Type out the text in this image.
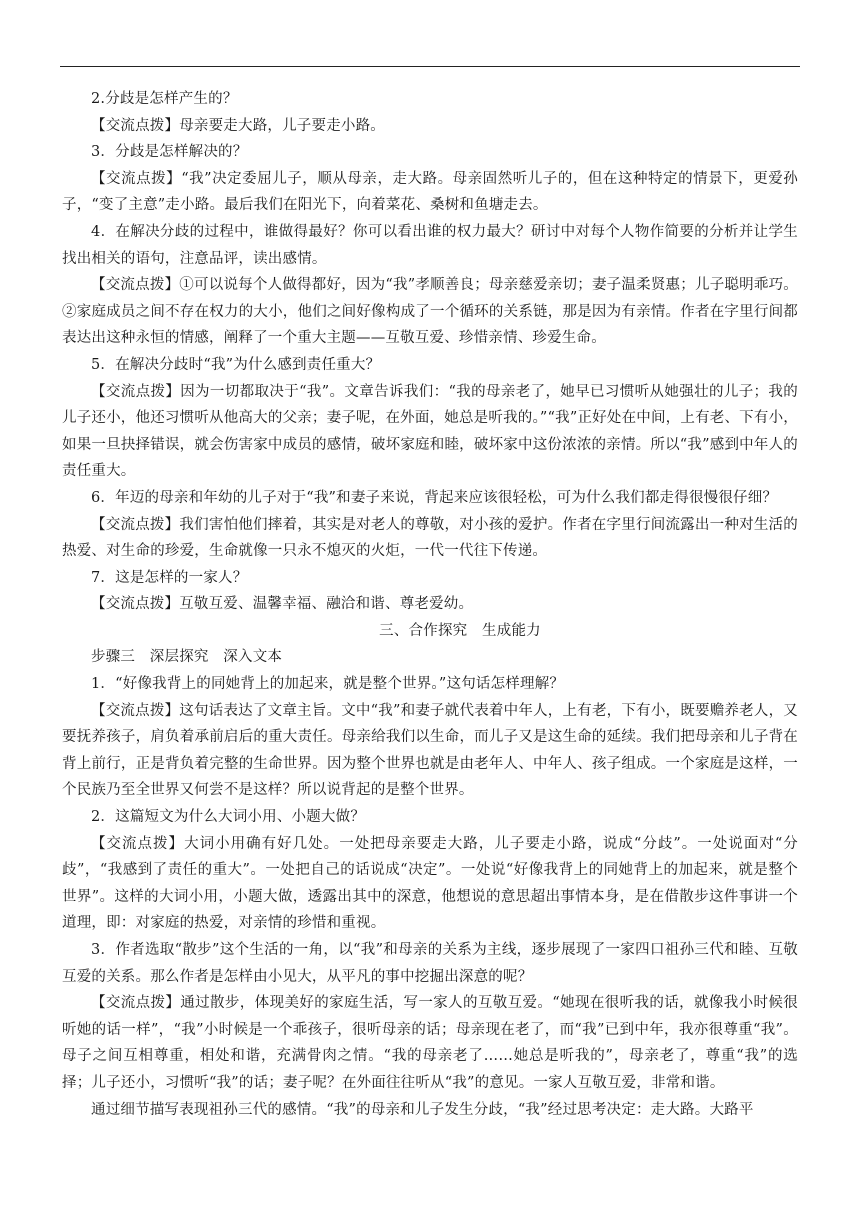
2.分歧是怎样产生的？

【交流点拨】母亲要走大路，儿子要走小路。

3．分歧是怎样解决的？

【交流点拨】“我”决定委屈儿子，顺从母亲，走大路。母亲固然听儿子的，但在这种特定的情景下，更爱孙子，“变了主意”走小路。最后我们在阳光下，向着菜花、桑树和鱼塘走去。

4．在解决分歧的过程中，谁做得最好？你可以看出谁的权力最大？研讨中对每个人物作简要的分析并让学生找出相关的语句，注意品评，读出感情。

【交流点拨】①可以说每个人做得都好，因为“我”孝顺善良；母亲慈爱亲切；妻子温柔贤惠；儿子聪明乖巧。②家庭成员之间不存在权力的大小，他们之间好像构成了一个循环的关系链，那是因为有亲情。作者在字里行间都表达出这种永恒的情感，阐释了一个重大主题——互敬互爱、珍惜亲情、珍爱生命。

5．在解决分歧时“我”为什么感到责任重大？

【交流点拨】因为一切都取决于“我”。文章告诉我们：“我的母亲老了，她早已习惯听从她强壮的儿子；我的儿子还小，他还习惯听从他高大的父亲；妻子呢，在外面，她总是听我的。”“我”正好处在中间，上有老、下有小，如果一旦抉择错误，就会伤害家中成员的感情，破坏家庭和睦，破坏家中这份浓浓的亲情。所以“我”感到中年人的责任重大。

6．年迈的母亲和年幼的儿子对于“我”和妻子来说，背起来应该很轻松，可为什么我们都走得很慢很仔细？

【交流点拨】我们害怕他们摔着，其实是对老人的尊敬，对小孩的爱护。作者在字里行间流露出一种对生活的热爱、对生命的珍爱，生命就像一只永不熄灭的火炬，一代一代往下传递。

7．这是怎样的一家人？

【交流点拨】互敬互爱、温馨幸福、融洽和谐、尊老爱幼。

三、合作探究　生成能力

步骤三　深层探究　深入文本

1．“好像我背上的同她背上的加起来，就是整个世界。”这句话怎样理解？

【交流点拨】这句话表达了文章主旨。文中“我”和妻子就代表着中年人，上有老，下有小，既要赡养老人，又要抚养孩子，肩负着承前启后的重大责任。母亲给我们以生命，而儿子又是这生命的延续。我们把母亲和儿子背在背上前行，正是背负着完整的生命世界。因为整个世界也就是由老年人、中年人、孩子组成。一个家庭是这样，一个民族乃至全世界又何尝不是这样？所以说背起的是整个世界。

2．这篇短文为什么大词小用、小题大做？

【交流点拨】大词小用确有好几处。一处把母亲要走大路，儿子要走小路，说成“分歧”。一处说面对“分歧”，“我感到了责任的重大”。一处把自己的话说成“决定”。一处说“好像我背上的同她背上的加起来，就是整个世界”。这样的大词小用，小题大做，透露出其中的深意，他想说的意思超出事情本身，是在借散步这件事讲一个道理，即：对家庭的热爱，对亲情的珍惜和重视。

3．作者选取“散步”这个生活的一角，以“我”和母亲的关系为主线，逐步展现了一家四口祖孙三代和睦、互敬互爱的关系。那么作者是怎样由小见大，从平凡的事中挖掘出深意的呢？

【交流点拨】通过散步，体现美好的家庭生活，写一家人的互敬互爱。“她现在很听我的话，就像我小时候很听她的话一样”，“我”小时候是一个乖孩子，很听母亲的话；母亲现在老了，而“我”已到中年，我亦很尊重“我”。母子之间互相尊重，相处和谐，充满骨肉之情。“我的母亲老了……她总是听我的”，母亲老了，尊重“我”的选择；儿子还小，习惯听“我”的话；妻子呢？在外面往往听从“我”的意见。一家人互敬互爱，非常和谐。

通过细节描写表现祖孙三代的感情。“我”的母亲和儿子发生分歧，“我”经过思考决定：走大路。大路平
